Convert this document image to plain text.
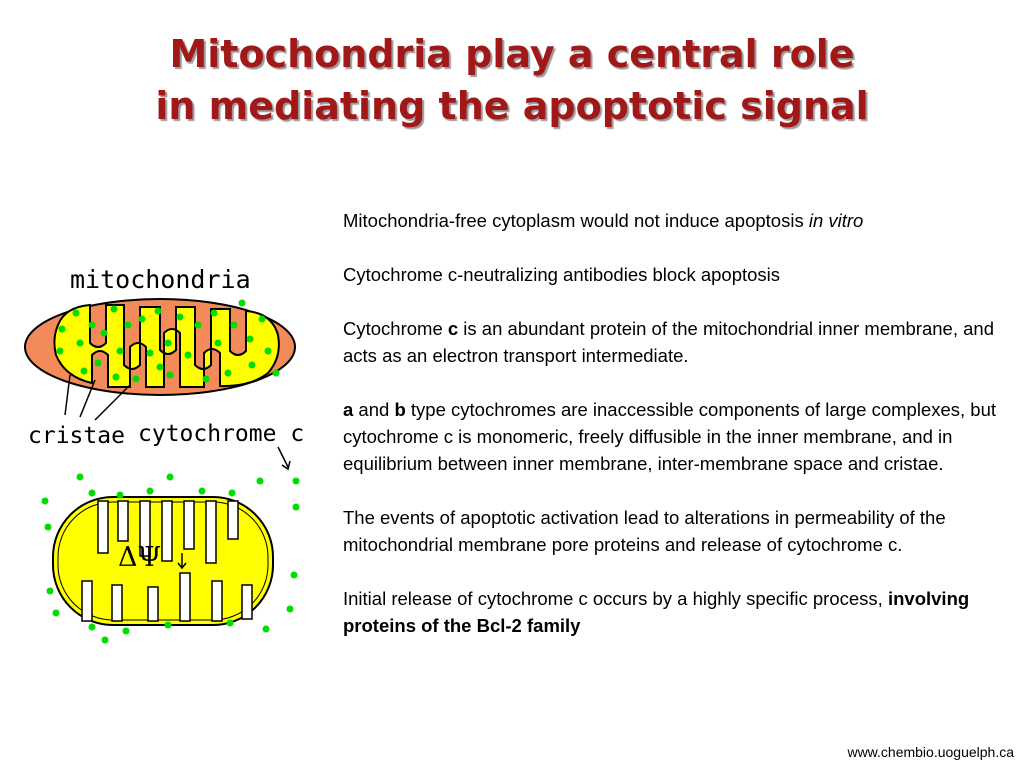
Mitochondria play a central role
in mediating the apoptotic signal
mitochondria
cristae cytochrome c
ΔΨ

Mitochondria-free cytoplasm would not induce apoptosis in vitro

Cytochrome c-neutralizing antibodies block apoptosis

Cytochrome c is an abundant protein of the mitochondrial inner membrane, and acts as an electron transport intermediate.

a and b type cytochromes are inaccessible components of large complexes, but cytochrome c is monomeric, freely diffusible in the inner membrane, and in equilibrium between inner membrane, inter-membrane space and cristae.

The events of apoptotic activation lead to alterations in permeability of the mitochondrial membrane pore proteins and release of cytochrome c.

Initial release of cytochrome c occurs by a highly specific process, involving proteins of the Bcl-2 family

www.chembio.uoguelph.ca
